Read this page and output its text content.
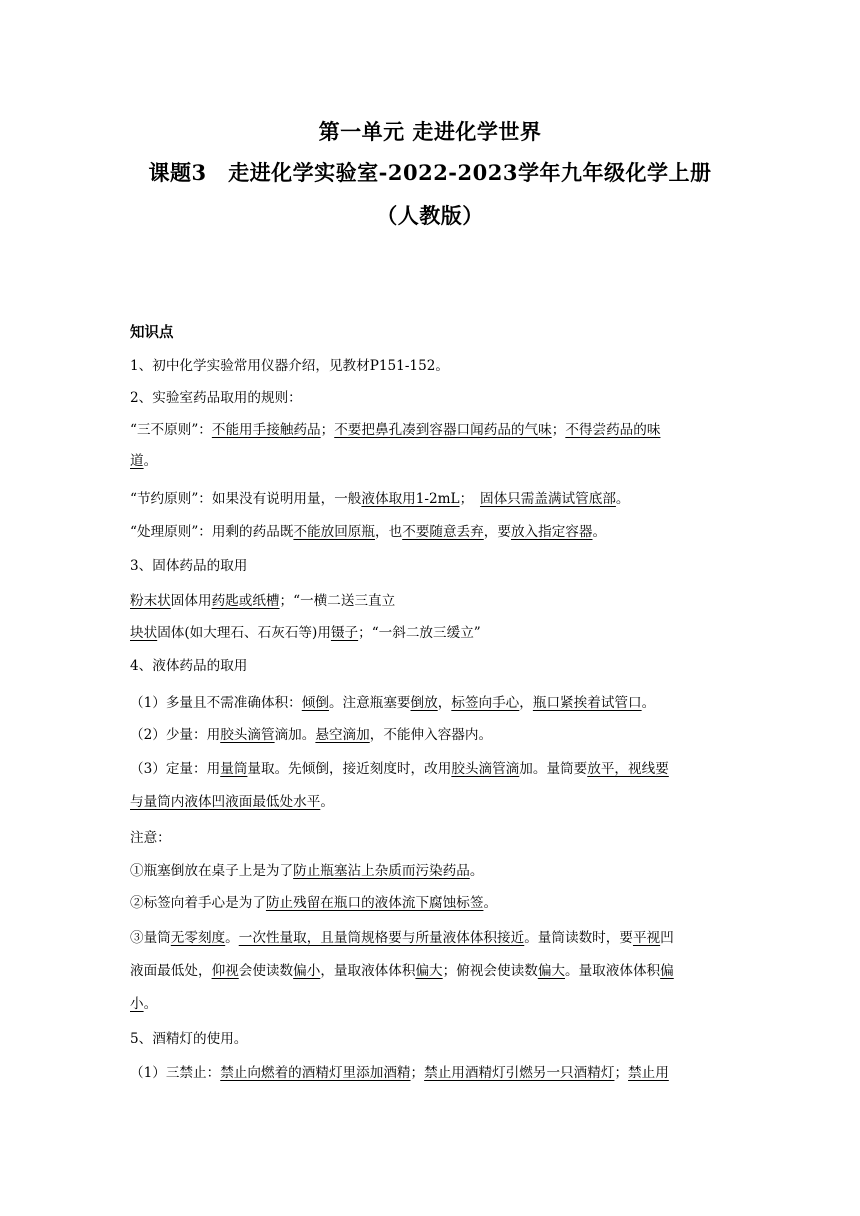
第一单元 走进化学世界
课题3　走进化学实验室-2022-2023学年九年级化学上册
（人教版）
知识点
1、初中化学实验常用仪器介绍，见教材P151-152。
2、实验室药品取用的规则：
“三不原则”：不能用手接触药品；不要把鼻孔凑到容器口闻药品的气味；不得尝药品的味
道。
“节约原则”：如果没有说明用量，一般液体取用1-2mL；　固体只需盖满试管底部。
“处理原则”：用剩的药品既不能放回原瓶，也不要随意丢弃，要放入指定容器。
3、固体药品的取用
粉末状固体用药匙或纸槽；“一横二送三直立
块状固体(如大理石、石灰石等)用镊子；“一斜二放三缓立”
4、液体药品的取用
（1）多量且不需准确体积：倾倒。注意瓶塞要倒放，标签向手心，瓶口紧挨着试管口。
（2）少量：用胶头滴管滴加。悬空滴加，不能伸入容器内。
（3）定量：用量筒量取。先倾倒，接近刻度时，改用胶头滴管滴加。量筒要放平，视线要
与量筒内液体凹液面最低处水平。
注意：
①瓶塞倒放在桌子上是为了防止瓶塞沾上杂质而污染药品。
②标签向着手心是为了防止残留在瓶口的液体流下腐蚀标签。
③量筒无零刻度。一次性量取，且量筒规格要与所量液体体积接近。量筒读数时，要平视凹
液面最低处，仰视会使读数偏小，量取液体体积偏大；俯视会使读数偏大。量取液体体积偏
小。
5、酒精灯的使用。
（1）三禁止：禁止向燃着的酒精灯里添加酒精；禁止用酒精灯引燃另一只酒精灯；禁止用
